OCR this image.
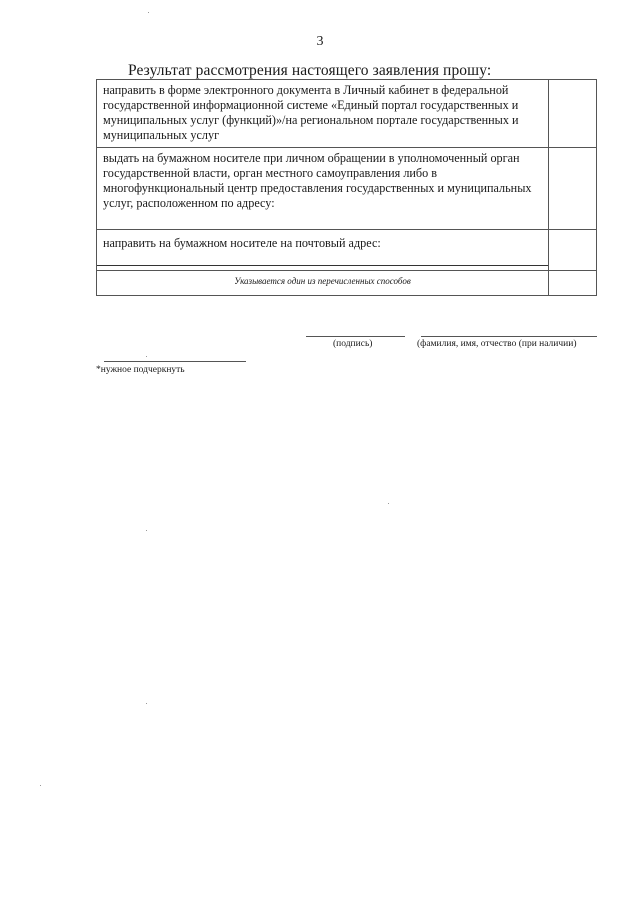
3
Результат рассмотрения настоящего заявления прошу:
направить в форме электронного документа в Личный кабинет в федеральной государственной информационной системе «Единый портал государственных и муниципальных услуг (функций)»/на региональном портале государственных и муниципальных услуг	
выдать на бумажном носителе при личном обращении в уполномоченный орган государственной власти, орган местного самоуправления либо в многофункциональный центр предоставления государственных и муниципальных услуг, расположенном по адресу:	
направить на бумажном носителе на почтовый адрес:

Указывается один из перечисленных способов	
(подпись)	(фамилия, имя, отчество (при наличии)
*нужное подчеркнуть
